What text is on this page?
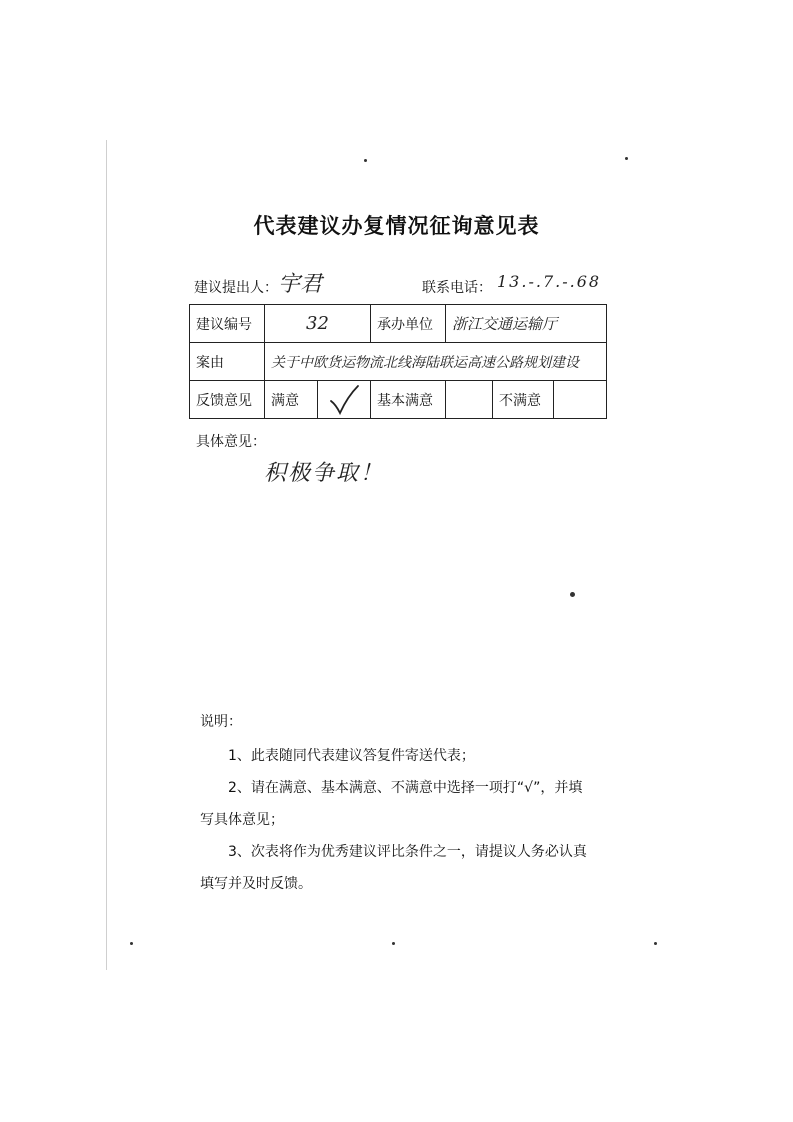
代表建议办复情况征询意见表
建议提出人： 宇君	联系电话： 13.-.7.-.68
建议编号	32		承办单位	浙江交通运输厅	
案由	关于中欧货运物流北线海陆联运高速公路规划建设				
反馈意见	满意		基本满意		不满意
具体意见：
积极争取！

说明：

1、此表随同代表建议答复件寄送代表；

2、请在满意、基本满意、不满意中选择一项打“√”，并填

写具体意见；

3、次表将作为优秀建议评比条件之一，请提议人务必认真

填写并及时反馈。
